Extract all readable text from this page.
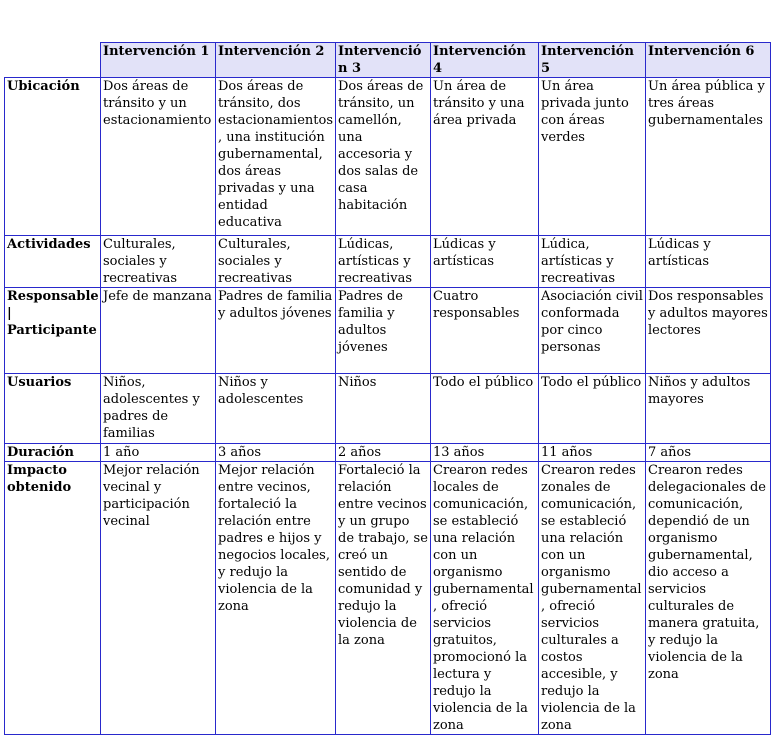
	Intervención 1	Intervención 2	Intervención 3	Intervención 4	Intervención 5	Intervención 6
Ubicación	Dos áreas de tránsito y un estacionamiento	Dos áreas de tránsito, dos estacionamientos, una institución gubernamental, dos áreas privadas y una entidad educativa	Dos áreas de tránsito, un camellón, una accesoria y dos salas de casa habitación	Un área de tránsito y una área privada	Un área privada junto con áreas verdes	Un área pública y tres áreas gubernamentales
Actividades	Culturales, sociales y recreativas	Culturales, sociales y recreativas	Lúdicas, artísticas y recreativas	Lúdicas y artísticas	Lúdica, artísticas y recreativas	Lúdicas y artísticas
Responsable | Participante	Jefe de manzana	Padres de familia y adultos jóvenes	Padres de familia y adultos jóvenes	Cuatro responsables	Asociación civil conformada por cinco personas	Dos responsables y adultos mayores lectores
Usuarios	Niños, adolescentes y padres de familias	Niños y adolescentes	Niños	Todo el público	Todo el público	Niños y adultos mayores
Duración	1 año	3 años	2 años	13 años	11 años	7 años
Impacto obtenido	Mejor relación vecinal y participación vecinal	Mejor relación entre vecinos, fortaleció la relación entre padres e hijos y negocios locales, y redujo la violencia de la zona	Fortaleció la relación entre vecinos y un grupo de trabajo, se creó un sentido de comunidad y redujo la violencia de la zona	Crearon redes locales de comunicación, se estableció una relación con un organismo gubernamental, ofreció servicios gratuitos, promocionó la lectura y redujo la violencia de la zona	Crearon redes zonales de comunicación, se estableció una relación con un organismo gubernamental, ofreció servicios culturales a costos accesible, y redujo la violencia de la zona	Crearon redes delegacionales de comunicación, dependió de un organismo gubernamental, dio acceso a servicios culturales de manera gratuita, y redujo la violencia de la zona
